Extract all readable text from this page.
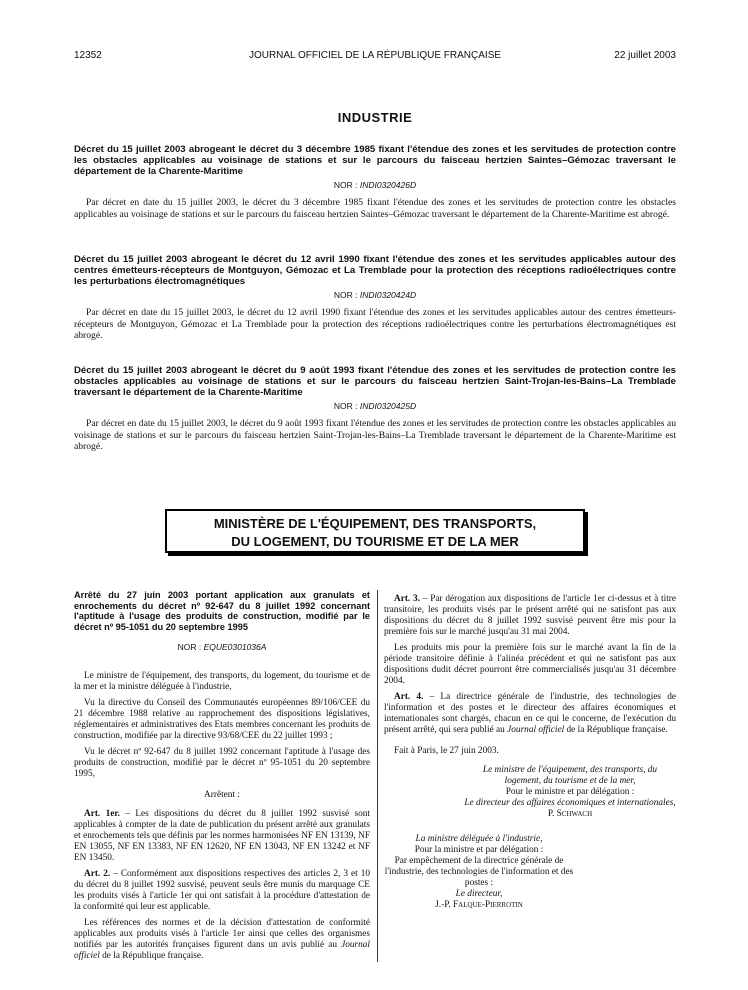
12352	JOURNAL OFFICIEL DE LA RÉPUBLIQUE FRANÇAISE	22 juillet 2003
INDUSTRIE
Décret du 15 juillet 2003 abrogeant le décret du 3 décembre 1985 fixant l'étendue des zones et les servitudes de protection contre les obstacles applicables au voisinage de stations et sur le parcours du faisceau hertzien Saintes–Gémozac traversant le département de la Charente-Maritime
NOR : INDI0320426D
Par décret en date du 15 juillet 2003, le décret du 3 décembre 1985 fixant l'étendue des zones et les servitudes de protection contre les obstacles applicables au voisinage de stations et sur le parcours du faisceau hertzien Saintes–Gémozac traversant le département de la Charente-Maritime est abrogé.
Décret du 15 juillet 2003 abrogeant le décret du 12 avril 1990 fixant l'étendue des zones et les servitudes applicables autour des centres émetteurs-récepteurs de Montguyon, Gémozac et La Tremblade pour la protection des réceptions radioélectriques contre les perturbations électromagnétiques
NOR : INDI0320424D
Par décret en date du 15 juillet 2003, le décret du 12 avril 1990 fixant l'étendue des zones et les servitudes applicables autour des centres émetteurs-récepteurs de Montguyon, Gémozac et La Tremblade pour la protection des réceptions radioélectriques contre les perturbations électromagnétiques est abrogé.
Décret du 15 juillet 2003 abrogeant le décret du 9 août 1993 fixant l'étendue des zones et les servitudes de protection contre les obstacles applicables au voisinage de stations et sur le parcours du faisceau hertzien Saint-Trojan-les-Bains–La Tremblade traversant le département de la Charente-Maritime
NOR : INDI0320425D
Par décret en date du 15 juillet 2003, le décret du 9 août 1993 fixant l'étendue des zones et les servitudes de protection contre les obstacles applicables au voisinage de stations et sur le parcours du faisceau hertzien Saint-Trojan-les-Bains–La Tremblade traversant le département de la Charente-Maritime est abrogé.
MINISTÈRE DE L'ÉQUIPEMENT, DES TRANSPORTS,
DU LOGEMENT, DU TOURISME ET DE LA MER
Arrêté du 27 juin 2003 portant application aux granulats et enrochements du décret nº 92-647 du 8 juillet 1992 concernant l'aptitude à l'usage des produits de construction, modifié par le décret nº 95-1051 du 20 septembre 1995
NOR : EQUE0301036A

Le ministre de l'équipement, des transports, du logement, du tourisme et de la mer et la ministre déléguée à l'industrie,

Vu la directive du Conseil des Communautés européennes 89/106/CEE du 21 décembre 1988 relative au rapprochement des dispositions législatives, réglementaires et administratives des Etats membres concernant les produits de construction, modifiée par la directive 93/68/CEE du 22 juillet 1993 ;

Vu le décret nº 92-647 du 8 juillet 1992 concernant l'aptitude à l'usage des produits de construction, modifié par le décret nº 95-1051 du 20 septembre 1995,

Arrêtent :

Art. 1er. – Les dispositions du décret du 8 juillet 1992 susvisé sont applicables à compter de la date de publication du présent arrêté aux granulats et enrochements tels que définis par les normes harmonisées NF EN 13139, NF EN 13055, NF EN 13383, NF EN 12620, NF EN 13043, NF EN 13242 et NF EN 13450.

Art. 2. – Conformément aux dispositions respectives des articles 2, 3 et 10 du décret du 8 juillet 1992 susvisé, peuvent seuls être munis du marquage CE les produits visés à l'article 1er qui ont satisfait à la procédure d'attestation de la conformité qui leur est applicable.

Les références des normes et de la décision d'attestation de conformité applicables aux produits visés à l'article 1er ainsi que celles des organismes notifiés par les autorités françaises figurent dans un avis publié au Journal officiel de la République française.

Art. 3. – Par dérogation aux dispositions de l'article 1er ci-dessus et à titre transitoire, les produits visés par le présent arrêté qui ne satisfont pas aux dispositions du décret du 8 juillet 1992 susvisé peuvent être mis pour la première fois sur le marché jusqu'au 31 mai 2004.

Les produits mis pour la première fois sur le marché avant la fin de la période transitoire définie à l'alinéa précédent et qui ne satisfont pas aux dispositions dudit décret pourront être commercialisés jusqu'au 31 décembre 2004.

Art. 4. – La directrice générale de l'industrie, des technologies de l'information et des postes et le directeur des affaires économiques et internationales sont chargés, chacun en ce qui le concerne, de l'exécution du présent arrêté, qui sera publié au Journal officiel de la République française.

Fait à Paris, le 27 juin 2003.

Le ministre de l'équipement, des transports, du logement, du tourisme et de la mer,
Pour le ministre et par délégation :
Le directeur des affaires économiques et internationales,
P. Schwach
La ministre déléguée à l'industrie,
Pour la ministre et par délégation :
Par empêchement de la directrice générale de l'industrie, des technologies de l'information et des postes :
Le directeur,
J.-P. Falque-Pierrotin
